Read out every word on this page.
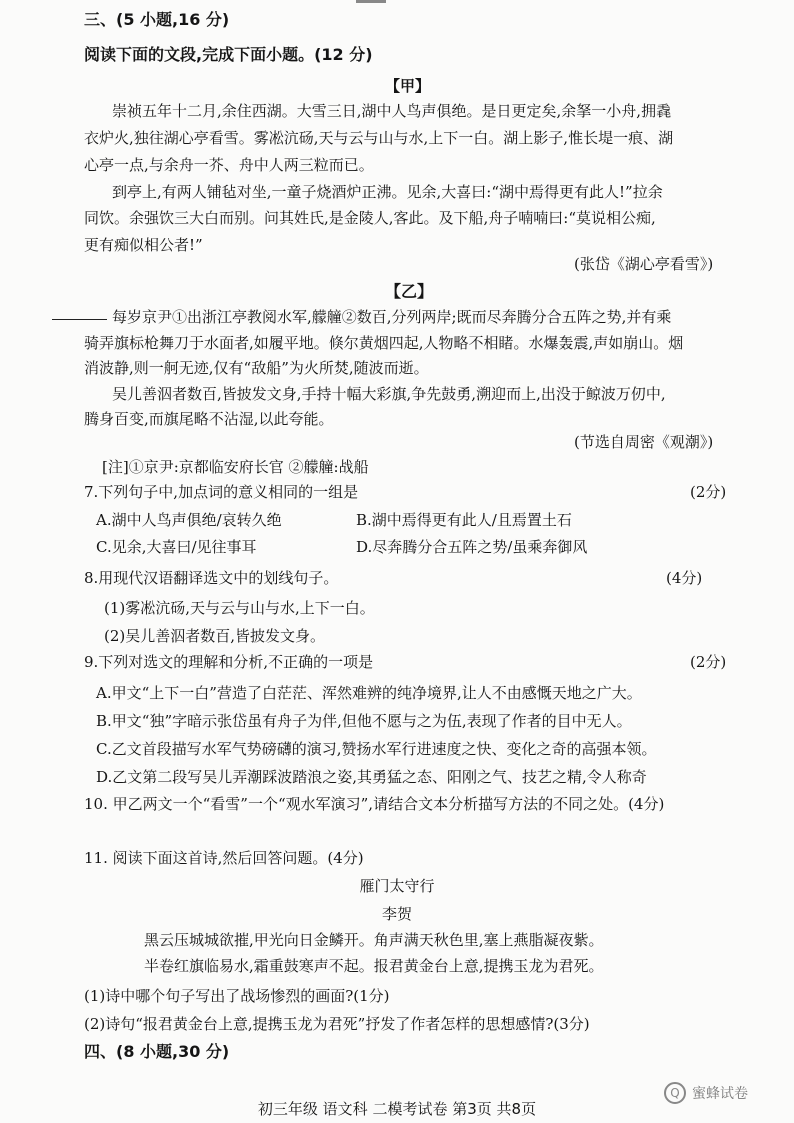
三、(5 小题,16 分)
阅读下面的文段,完成下面小题。(12 分)
【甲】
崇祯五年十二月,余住西湖。大雪三日,湖中人鸟声俱绝。是日更定矣,余拏一小舟,拥毳
衣炉火,独往湖心亭看雪。雾凇沆砀,天与云与山与水,上下一白。湖上影子,惟长堤一痕、湖
心亭一点,与余舟一芥、舟中人两三粒而已。
到亭上,有两人铺毡对坐,一童子烧酒炉正沸。见余,大喜曰:“湖中焉得更有此人!”拉余
同饮。余强饮三大白而别。问其姓氏,是金陵人,客此。及下船,舟子喃喃曰:“莫说相公痴,
更有痴似相公者!”
(张岱《湖心亭看雪》)
【乙】
每岁京尹①出浙江亭教阅水军,艨艟②数百,分列两岸;既而尽奔腾分合五阵之势,并有乘
骑弄旗标枪舞刀于水面者,如履平地。倏尔黄烟四起,人物略不相睹。水爆轰震,声如崩山。烟
消波静,则一舸无迹,仅有“敌船”为火所焚,随波而逝。
吴儿善泅者数百,皆披发文身,手持十幅大彩旗,争先鼓勇,溯迎而上,出没于鲸波万仞中,
腾身百变,而旗尾略不沾湿,以此夸能。
(节选自周密《观潮》)
[注]①京尹:京都临安府长官 ②艨艟:战船
7.下列句子中,加点词的意义相同的一组是	(2分)
A.湖中人鸟声俱绝/哀转久绝	B.湖中焉得更有此人/且焉置土石
C.见余,大喜曰/见往事耳	D.尽奔腾分合五阵之势/虽乘奔御风
8.用现代汉语翻译选文中的划线句子。	(4分)
(1)雾凇沆砀,天与云与山与水,上下一白。
(2)吴儿善泅者数百,皆披发文身。
9.下列对选文的理解和分析,不正确的一项是	(2分)
A.甲文“上下一白”营造了白茫茫、浑然难辨的纯净境界,让人不由感慨天地之广大。
B.甲文“独”字暗示张岱虽有舟子为伴,但他不愿与之为伍,表现了作者的目中无人。
C.乙文首段描写水军气势磅礴的演习,赞扬水军行进速度之快、变化之奇的高强本领。
D.乙文第二段写吴儿弄潮踩波踏浪之姿,其勇猛之态、阳刚之气、技艺之精,令人称奇
10. 甲乙两文一个“看雪”一个“观水军演习”,请结合文本分析描写方法的不同之处。(4分)
11. 阅读下面这首诗,然后回答问题。(4分)
雁门太守行
李贺
黑云压城城欲摧,甲光向日金鳞开。角声满天秋色里,塞上燕脂凝夜紫。
半卷红旗临易水,霜重鼓寒声不起。报君黄金台上意,提携玉龙为君死。
(1)诗中哪个句子写出了战场惨烈的画面?(1分)
(2)诗句“报君黄金台上意,提携玉龙为君死”抒发了作者怎样的思想感情?(3分)
四、(8 小题,30 分)
Q 蜜蜂试卷
初三年级 语文科 二模考试卷 第3页 共8页
